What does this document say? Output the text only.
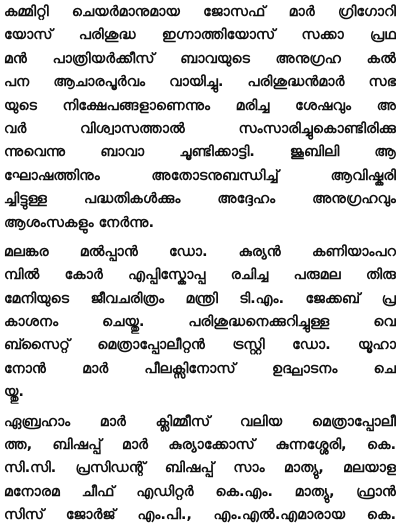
കമ്മിറ്റി ചെയർമാനുമായ ജോസഫ് മാർ ഗ്രിഗോറി
യോസ് പരിശുദ്ധ ഇഗ്നാത്തിയോസ് സക്കാ പ്രഥ
മൻ പാത്രിയർക്കീസ് ബാവയുടെ അനുഗ്രഹ കൽ
പന ആചാരപൂർവം വായിച്ചു. പരിശുദ്ധൻമാർ സഭ
യുടെ നിക്ഷേപങ്ങളാണെന്നും മരിച്ച ശേഷവും അ
വർ വിശ്വാസത്താൽ സംസാരിച്ചുകൊണ്ടിരിക്കു
ന്നുവെന്നു ബാവാ ചൂണ്ടിക്കാട്ടി. ജൂബിലി ആ
ഘോഷത്തിനും അതോടനുബന്ധിച്ച് ആവിഷ്കരി
ച്ചിട്ടുള്ള പദ്ധതികൾക്കും അദ്ദേഹം അനുഗ്രഹവും
ആശംസകളും നേർന്നു.
മലങ്കര മൽപ്പാൻ ഡോ. കുര്യൻ കണിയാംപറ
മ്പിൽ കോർ എപ്പിസ്കോപ്പ രചിച്ച പരുമല തിരു
മേനിയുടെ ജീവചരിത്രം മന്ത്രി ടി.എം. ജേക്കബ് പ്ര
കാശനം ചെയ്തു. പരിശുദ്ധനെക്കുറിച്ചുള്ള വെ
ബ്സൈറ്റ് മെത്രാപ്പോലീറ്റൻ ട്രസ്റ്റി ഡോ. യൂഹാ
നോൻ മാർ പീലക്സിനോസ് ഉദ്ഘാടനം ചെ
യ്തു.
ഏബ്രഹാം മാർ ക്ലിമ്മീസ് വലിയ മെത്രാപ്പോലീ
ത്ത, ബിഷപ്പ് മാർ കുര്യാക്കോസ് കുന്നശ്ശേരി, കെ.
സി.സി. പ്രസിഡന്റ് ബിഷപ്പ് സാം മാത്യു, മലയാള
മനോരമ ചീഫ് എഡിറ്റർ കെ.എം. മാത്യു, ഫ്രാൻ
സിസ് ജോർജ് എം.പി., എം.എൽ.എമാരായ കെ.
